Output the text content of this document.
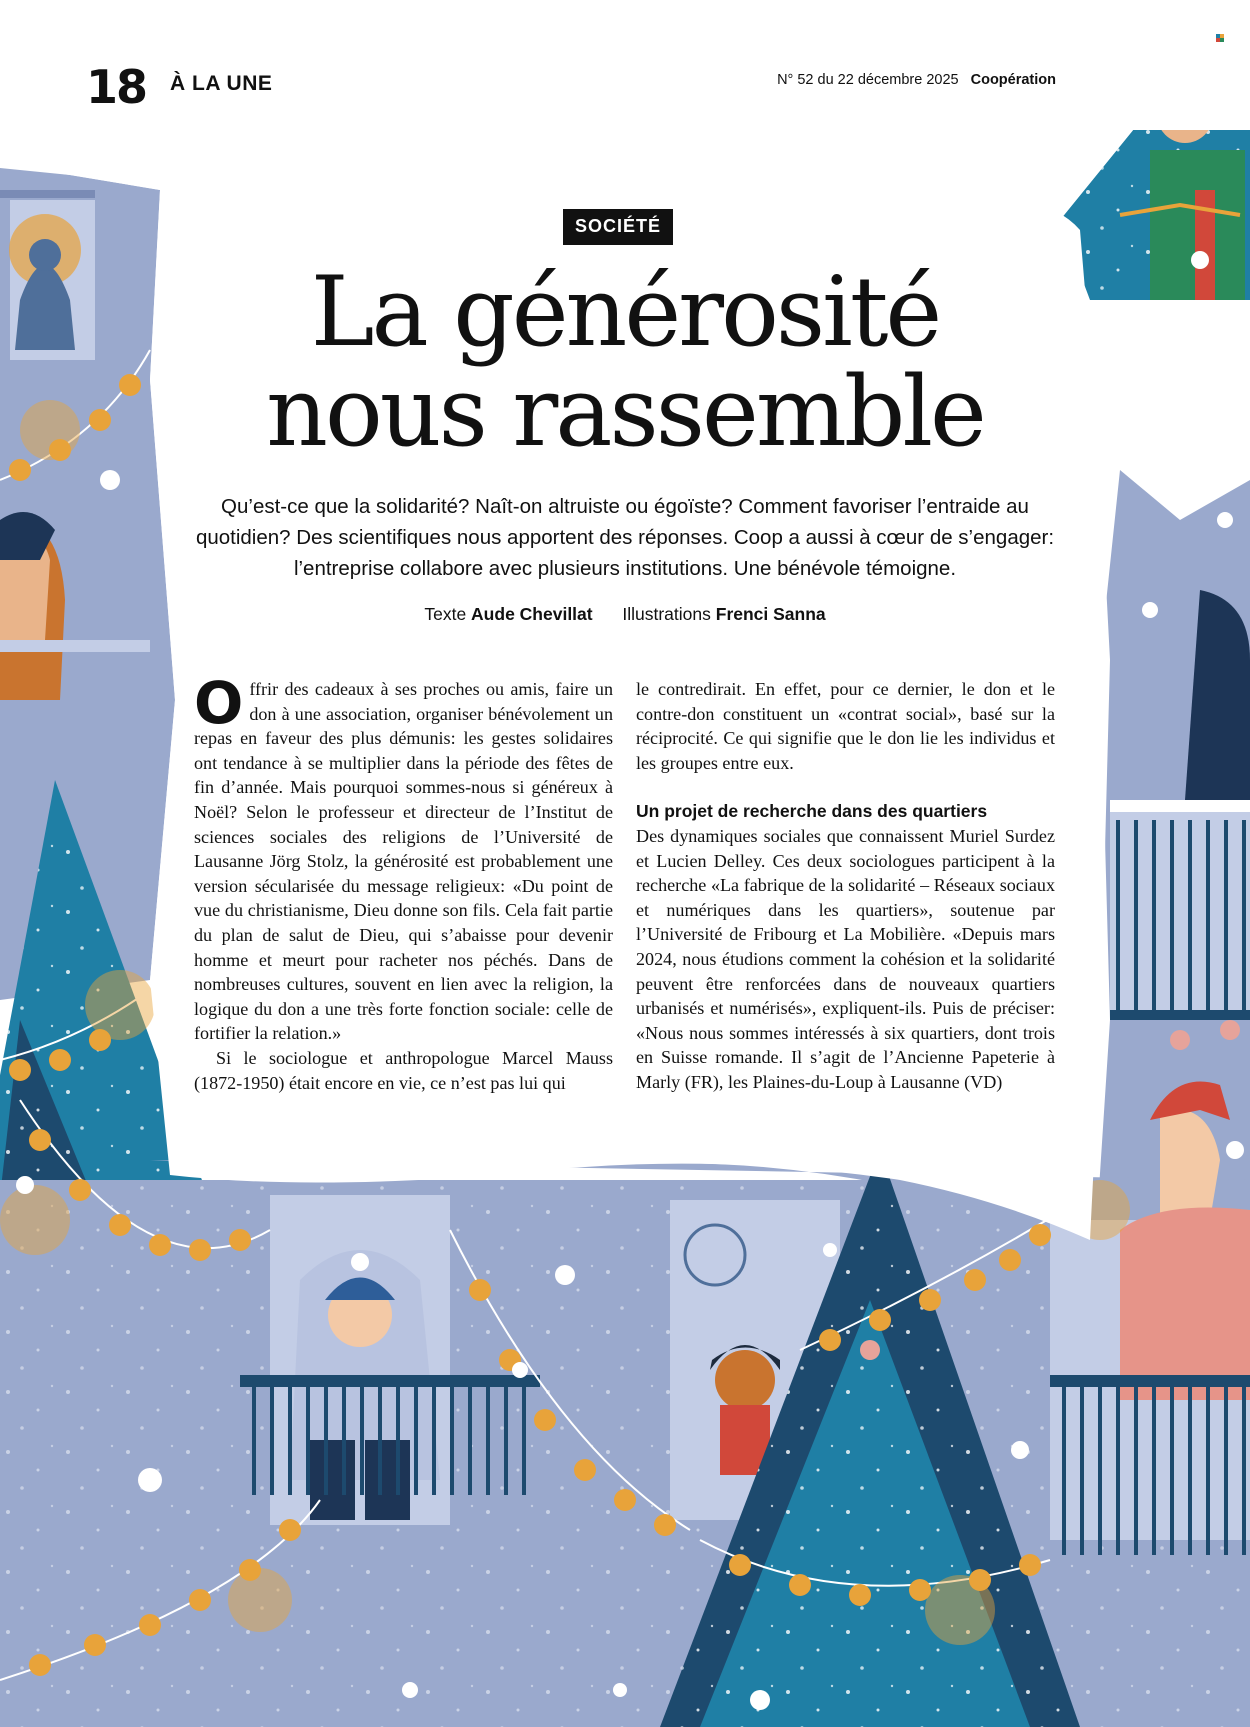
18 À LA UNE	N° 52 du 22 décembre 2025 Coopération
SOCIÉTÉ
La générosité
nous rassemble

Qu’est-ce que la solidarité? Naît-on altruiste ou égoïste? Comment favoriser l’entraide au quotidien? Des scientifiques nous apportent des réponses. Coop a aussi à cœur de s’engager: l’entreprise collabore avec plusieurs institutions. Une bénévole témoigne.

Texte Aude Chevillat Illustrations Frenci Sanna

Offrir des cadeaux à ses proches ou amis, faire un don à une association, organiser bénévolement un repas en faveur des plus démunis: les gestes solidaires ont tendance à se multiplier dans la période des fêtes de fin d’année. Mais pourquoi sommes-nous si généreux à Noël? Selon le professeur et directeur de l’Institut de sciences sociales des religions de l’Université de Lausanne Jörg Stolz, la générosité est probablement une version sécularisée du message religieux: «Du point de vue du christianisme, Dieu donne son fils. Cela fait partie du plan de salut de Dieu, qui s’abaisse pour devenir homme et meurt pour racheter nos péchés. Dans de nombreuses cultures, souvent en lien avec la religion, la logique du don a une très forte fonction sociale: celle de fortifier la relation.»

Si le sociologue et anthropologue Marcel Mauss (1872-1950) était encore en vie, ce n’est pas lui qui

le contredirait. En effet, pour ce dernier, le don et le contre-don constituent un «contrat social», basé sur la réciprocité. Ce qui signifie que le don lie les individus et les groupes entre eux.

Un projet de recherche dans des quartiers

Des dynamiques sociales que connaissent Muriel Surdez et Lucien Delley. Ces deux sociologues participent à la recherche «La fabrique de la solidarité – Réseaux sociaux et numériques dans les quartiers», soutenue par l’Université de Fribourg et La Mobilière. «Depuis mars 2024, nous étudions comment la cohésion et la solidarité peuvent être renforcées dans de nouveaux quartiers urbanisés et numérisés», expliquent-ils. Puis de préciser: «Nous nous sommes intéressés à six quartiers, dont trois en Suisse romande. Il s’agit de l’Ancienne Papeterie à Marly (FR), les Plaines-du-Loup à Lausanne (VD)
